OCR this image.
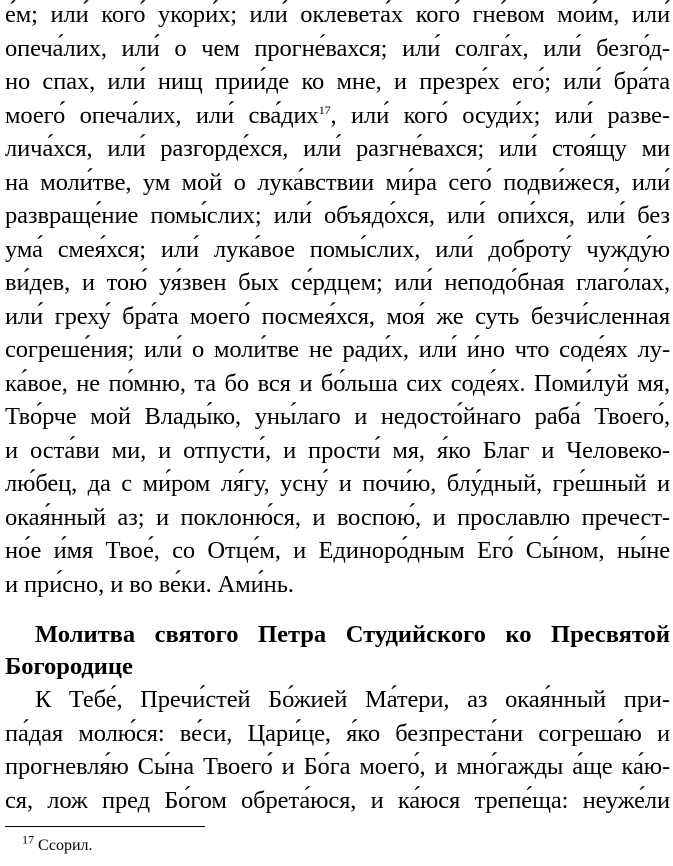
е́м; или́ кого́ укори́х; или́ оклевета́х кого́ гне́вом мои́м, или́
опеча́лих, или́ о чем прогне́вахся; или́ солга́х, или́ безго́д-
но спах, или́ нищ прии́де ко мне, и презре́х его́; или́ бра́та
моего́ опеча́лих, или́ сва́дих$^{17}$, или́ кого́ осуди́х; или́ разве-
лича́хся, или́ разгорде́хся, или́ разгне́вахся; или́ стоя́щу ми
на моли́тве, ум мой о лука́вствии ми́ра сего́ подви́жеся, или́
развраще́ние помы́слих; или́ объядо́хся, или́ опи́хся, или́ без
ума́ смея́хся; или́ лука́вое помы́слих, или́ доброту́ чужду́ю
ви́дев, и тою́ уя́звен бых се́рдцем; или́ неподо́бная глаго́лах,
или́ греху́ бра́та моего́ посмея́хся, моя́ же суть безчи́сленная
согреше́ния; или́ о моли́тве не ради́х, или́ и́но что соде́ях лу-
ка́вое, не по́мню, та бо вся и бо́льша сих соде́ях. Поми́луй мя,
Тво́рче мой Влады́ко, уны́лаго и недосто́йнаго раба́ Твоего́,
и оста́ви ми, и отпусти́, и прости́ мя, я́ко Благ и Человеко-
лю́бец, да с ми́ром ля́гу, усну́ и почи́ю, блу́дный, гре́шный и
окая́нный аз; и поклоню́ся, и воспою́, и прославлю пречест-
но́е и́мя Твое́, со Отце́м, и Единоро́дным Его́ Сы́ном, ны́не
и при́сно, и во ве́ки. Ами́нь.
Молитва святого Петра Студийского ко Пресвятой
Богородице
К Тебе́, Пречи́стей Бо́жией Ма́тери, аз окая́нный при-
па́дая молю́ся: ве́си, Цари́це, я́ко безпреста́ни согреша́ю и
прогневля́ю Сы́на Твоего́ и Бо́га моего́, и мно́гажды а́ще ка́ю-
ся, лож пред Бо́гом обрета́юся, и ка́юся трепе́ща: неуже́ли
$^{17}$ Ссорил.
